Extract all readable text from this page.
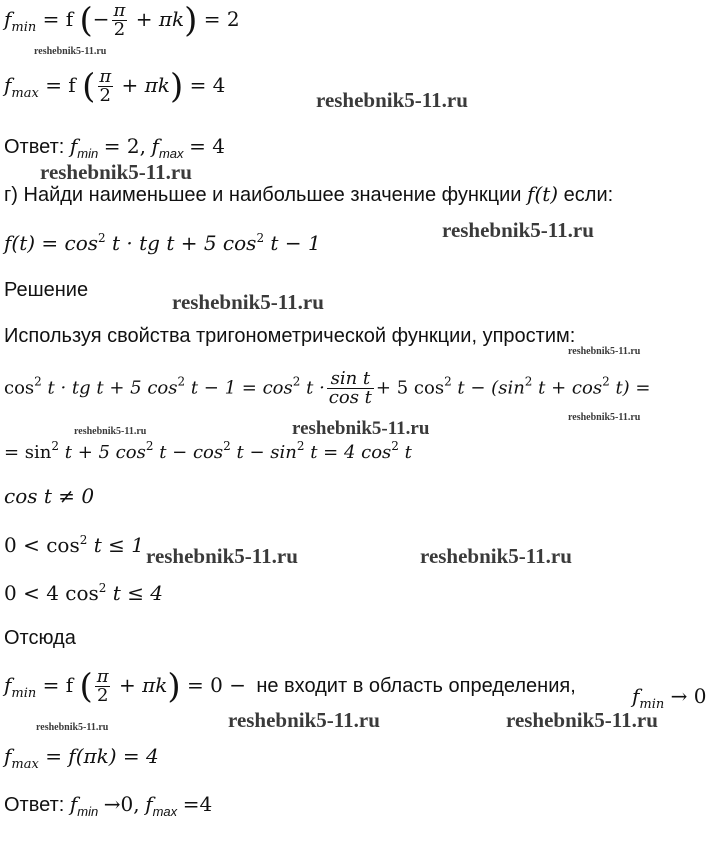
$f_{min} = f$ (− $\frac{\pi}{2} + \pi k) = 2$
reshebnik5-11.ru
$f_{max} = f$ ( $\frac{\pi}{2} + \pi k) = 4$
reshebnik5-11.ru
Ответ: $f_{min} = 2$, $f_{max} = 4$
reshebnik5-11.ru
г) Найди наименьшее и наибольшее значение функции f(t) если:
reshebnik5-11.ru
$f(t) = \cos^2 t$ · tg t + 5 $\cos^2 t - 1$
Решение	reshebnik5-11.ru
Используя свойства тригонометрической функции, упростим:
reshebnik5-11.ru
$\cos^2 t$ · tg t + 5 $\cos^2 t - 1 = \cos^2 t \cdot \frac{\text{sin t}}{\text{cos t}} + 5$ $\cos^2 t - (\sin^2$ $t + \cos^2 t$) =
reshebnik5-11.ru	reshebnik5-11.ru
reshebnik5-11.ru
= $\sin^2 t + 5$ $\cos^2 t - \cos^2 t - \sin^2 t = 4$ $\cos^2 t$
cos t ≠ 0
$0 < \cos^2 t \le 1$ reshebnik5-11.ru	reshebnik5-11.ru
0 < 4 $\cos^2 t \le 4$
Отсюда
$f_{min} = f$ ( $\frac{\pi}{2} + \pi k) = 0$ − не входит в область определения,	$f_{min} \to 0$
reshebnik5-11.ru	reshebnik5-11.ru	reshebnik5-11.ru
$f_{max} = f(\pi k) = 4$
Ответ: $f_{min} \to 0$, $f_{max} =4$
